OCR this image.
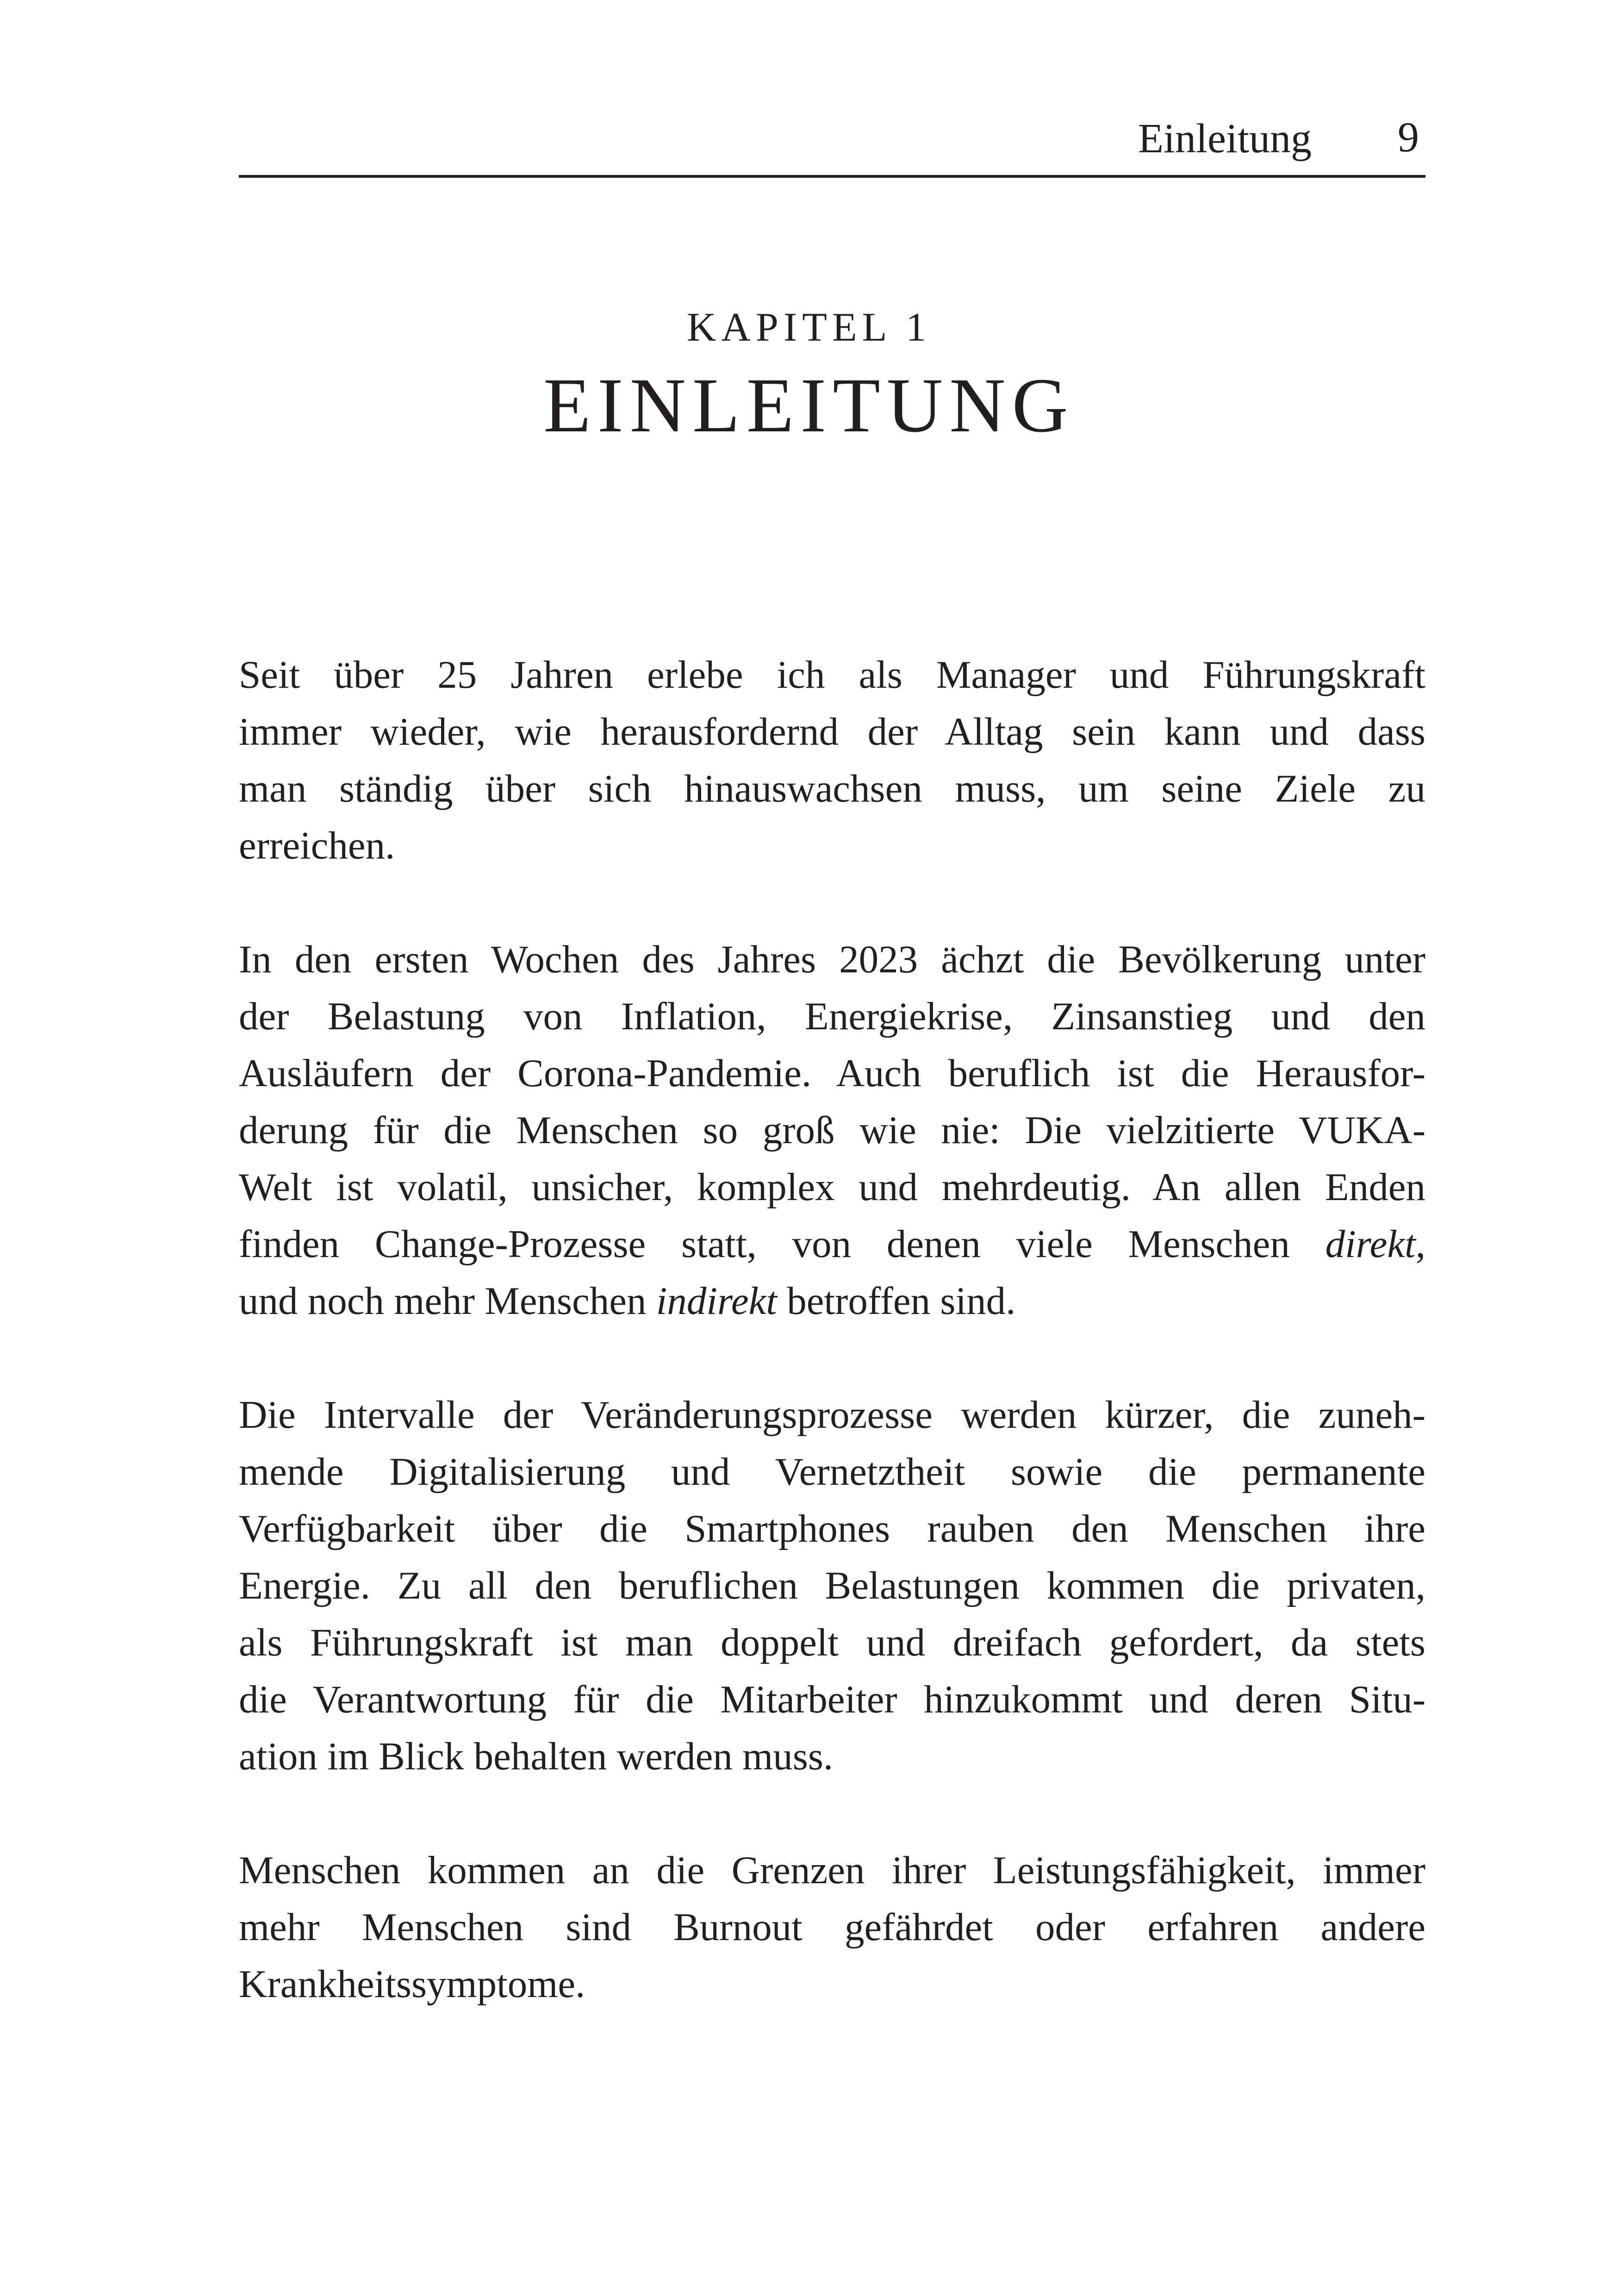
Einleitung 9
KAPITEL 1
EINLEITUNG
Seit über 25 Jahren erlebe ich als Manager und Führungskraft
immer wieder, wie herausfordernd der Alltag sein kann und dass
man ständig über sich hinauswachsen muss, um seine Ziele zu
erreichen.
In den ersten Wochen des Jahres 2023 ächzt die Bevölkerung unter
der Belastung von Inflation, Energiekrise, Zinsanstieg und den
Ausläufern der Corona-Pandemie. Auch beruflich ist die Herausfor-
derung für die Menschen so groß wie nie: Die vielzitierte VUKA-
Welt ist volatil, unsicher, komplex und mehrdeutig. An allen Enden
finden Change-Prozesse statt, von denen viele Menschen direkt,
und noch mehr Menschen indirekt betroffen sind.
Die Intervalle der Veränderungsprozesse werden kürzer, die zuneh-
mende Digitalisierung und Vernetztheit sowie die permanente
Verfügbarkeit über die Smartphones rauben den Menschen ihre
Energie. Zu all den beruflichen Belastungen kommen die privaten,
als Führungskraft ist man doppelt und dreifach gefordert, da stets
die Verantwortung für die Mitarbeiter hinzukommt und deren Situ-
ation im Blick behalten werden muss.
Menschen kommen an die Grenzen ihrer Leistungsfähigkeit, immer
mehr Menschen sind Burnout gefährdet oder erfahren andere
Krankheitssymptome.
